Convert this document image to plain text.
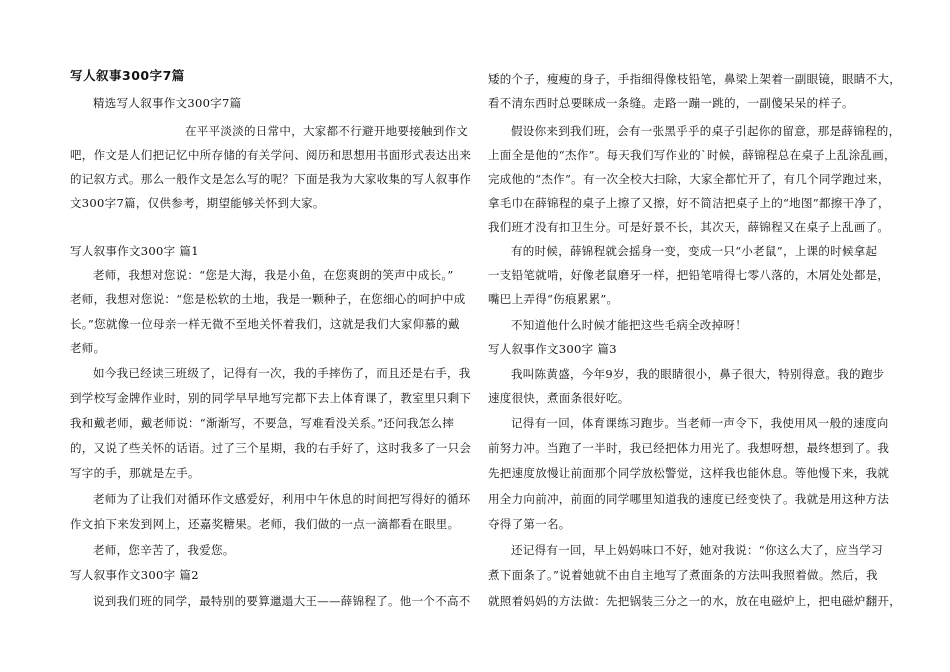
写人叙事300字7篇
精选写人叙事作文300字7篇
在平平淡淡的日常中，大家都不行避开地要接触到作文
吧，作文是人们把记忆中所存储的有关学问、阅历和思想用书面形式表达出来
的记叙方式。那么一般作文是怎么写的呢？下面是我为大家收集的写人叙事作
文300字7篇，仅供参考，期望能够关怀到大家。
写人叙事作文300字 篇1
老师，我想对您说：“您是大海，我是小鱼，在您爽朗的笑声中成长。”
老师，我想对您说：“您是松软的土地，我是一颗种子，在您细心的呵护中成
长。”您就像一位母亲一样无微不至地关怀着我们，这就是我们大家仰慕的戴
老师。
如今我已经读三班级了，记得有一次，我的手摔伤了，而且还是右手，我
到学校写金牌作业时，别的同学早早地写完都下去上体育课了，教室里只剩下
我和戴老师，戴老师说：“渐渐写，不要急，写难看没关系。”还问我怎么摔
的，又说了些关怀的话语。过了三个星期，我的右手好了，这时我多了一只会
写字的手，那就是左手。
老师为了让我们对循环作文感爱好，利用中午休息的时间把写得好的循环
作文拍下来发到网上，还嘉奖糖果。老师，我们做的一点一滴都看在眼里。
老师，您辛苦了，我爱您。
写人叙事作文300字 篇2
说到我们班的同学，最特别的要算邋遢大王——薛锦程了。他一个不高不
矮的个子，瘦瘦的身子，手指细得像枝铅笔，鼻梁上架着一副眼镜，眼睛不大，
看不清东西时总要眯成一条缝。走路一蹦一跳的，一副傻呆呆的样子。
假设你来到我们班，会有一张黑乎乎的桌子引起你的留意，那是薛锦程的，
上面全是他的“杰作”。每天我们写作业的`时候，薛锦程总在桌子上乱涂乱画，
完成他的“杰作”。有一次全校大扫除，大家全都忙开了，有几个同学跑过来，
拿毛巾在薛锦程的桌子上擦了又擦，好不简洁把桌子上的“地图”都擦干净了，
我们班才没有扣卫生分。可是好景不长，其次天，薛锦程又在桌子上乱画了。
有的时候，薛锦程就会摇身一变，变成一只“小老鼠”，上课的时候拿起
一支铅笔就啃，好像老鼠磨牙一样，把铅笔啃得七零八落的，木屑处处都是，
嘴巴上弄得“伤痕累累”。
不知道他什么时候才能把这些毛病全改掉呀！
写人叙事作文300字 篇3
我叫陈黄盛，今年9岁，我的眼睛很小，鼻子很大，特别得意。我的跑步
速度很快，煮面条很好吃。
记得有一回，体育课练习跑步。当老师一声令下，我使用风一般的速度向
前努力冲。当跑了一半时，我已经把体力用光了。我想呀想，最终想到了。我
先把速度放慢让前面那个同学放松警觉，这样我也能休息。等他慢下来，我就
用全力向前冲，前面的同学哪里知道我的速度已经变快了。我就是用这种方法
夺得了第一名。
还记得有一回，早上妈妈味口不好，她对我说：“你这么大了，应当学习
煮下面条了。”说着她就不由自主地写了煮面条的方法叫我照着做。然后，我
就照着妈妈的方法做：先把锅装三分之一的水，放在电磁炉上，把电磁炉翻开，
